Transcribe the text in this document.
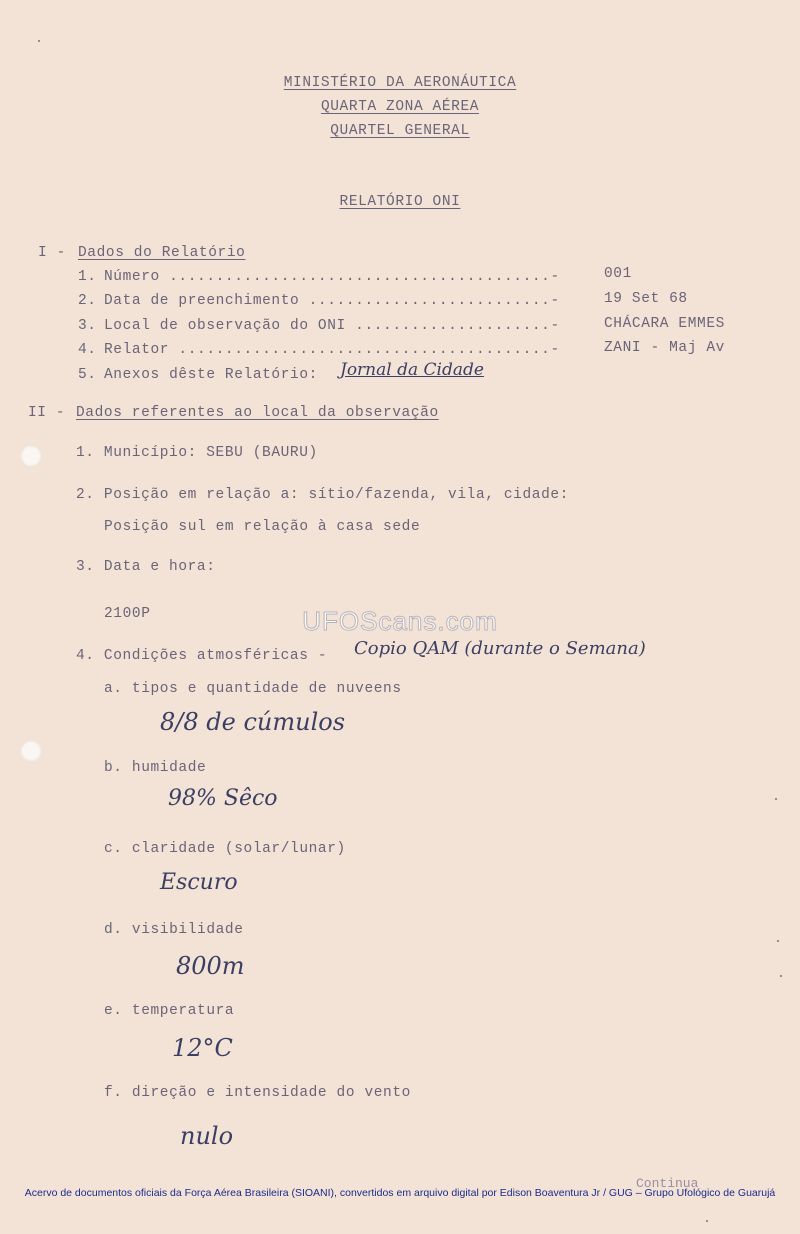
MINISTÉRIO DA AERONÁUTICA
QUARTA ZONA AÉREA
QUARTEL GENERAL
RELATÓRIO ONI
I - Dados do Relatório
1. Número .........................................-	001
2. Data de preenchimento ..........................-	19 Set 68
3. Local de observação do ONI .....................-	CHÁCARA EMMES
4. Relator ........................................-	ZANI - Maj Av
5. Anexos dêste Relatório: Jornal da Cidade
II - Dados referentes ao local da observação
1. Município: SEBU (BAURU)
2. Posição em relação a: sítio/fazenda, vila, cidade:
Posição sul em relação à casa sede
3. Data e hora:
2100P
4. Condições atmosféricas - Copio QAM (durante o Semana)
a. tipos e quantidade de nuveens
8/8 de cúmulos
b. humidade
98% Sêco
c. claridade (solar/lunar)
Escuro
d. visibilidade
800m
e. temperatura
12°C
f. direção e intensidade do vento
nulo
UFOScans.com
Continua
Acervo de documentos oficiais da Força Aérea Brasileira (SIOANI), convertidos em arquivo digital por Edison Boaventura Jr / GUG – Grupo Ufológico de Guarujá
